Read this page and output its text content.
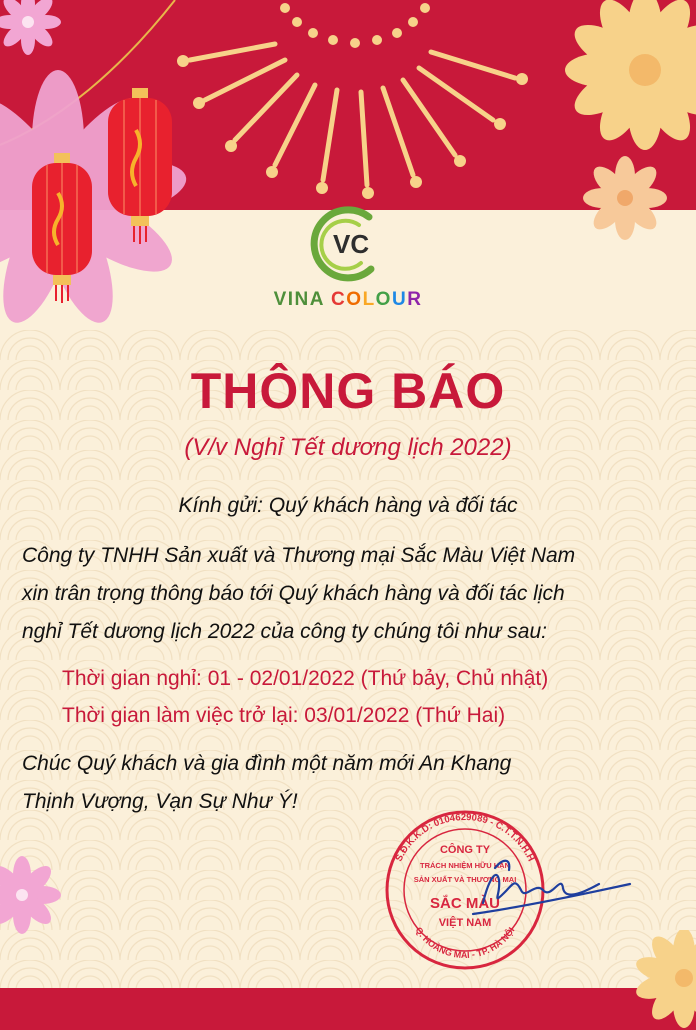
VC
VINA COLOUR
THÔNG BÁO

(V/v Nghỉ Tết dương lịch 2022)

Kính gửi: Quý khách hàng và đối tác

Công ty TNHH Sản xuất và Thương mại Sắc Màu Việt Nam

xin trân trọng thông báo tới Quý khách hàng và đối tác lịch

nghỉ Tết dương lịch 2022 của công ty chúng tôi như sau:

Thời gian nghỉ: 01 - 02/01/2022 (Thứ bảy, Chủ nhật)

Thời gian làm việc trở lại: 03/01/2022 (Thứ Hai)

Chúc Quý khách và gia đình một năm mới An Khang

Thịnh Vượng, Vạn Sự Như Ý!

S.Đ.K.K.D: 0104629089 - C.T.T.N.H.H
Q. HOÀNG MAI - TP. HÀ NỘI
CÔNG TY
TRÁCH NHIỆM HỮU HẠN
SẢN XUẤT VÀ THƯƠNG MẠI
SẮC MÀU
VIỆT NAM
